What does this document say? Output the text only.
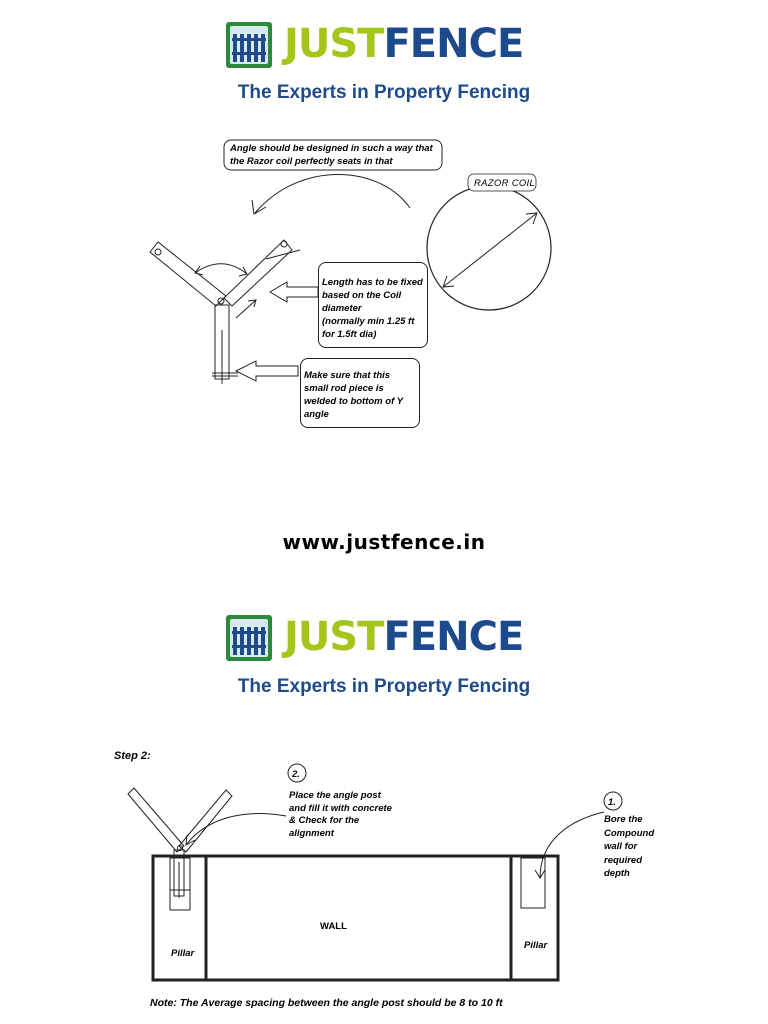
JUSTFENCE
The Experts in Property Fencing
RAZOR COIL
Angle should be designed in such a way that
the Razor coil perfectly seats in that
Length has to be fixed
based on the Coil
diameter
(normally min 1.25 ft
for 1.5ft dia)
Make sure that this
small rod piece is
welded to bottom of Y
angle
www.justfence.in
JUSTFENCE
The Experts in Property Fencing
Step 2:
2.
1.
WALL
Pillar
Pillar
Place the angle post
and fill it with concrete
& Check for the
alignment
Bore the
Compound
wall for
required
depth
Note: The Average spacing between the angle post should be 8 to 10 ft
